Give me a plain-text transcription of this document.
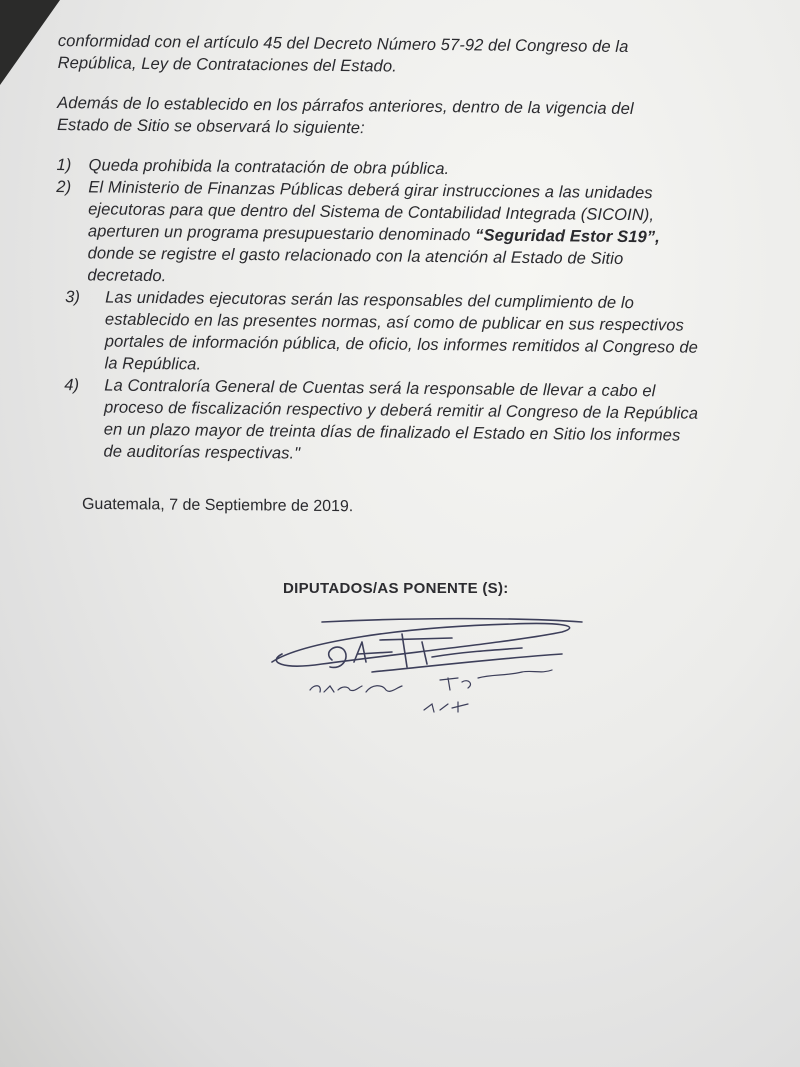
conformidad con el artículo 45 del Decreto Número 57-92 del Congreso de la
República, Ley de Contrataciones del Estado.

Además de lo establecido en los párrafos anteriores, dentro de la vigencia del
Estado de Sitio se observará lo siguiente:

1)	Queda prohibida la contratación de obra pública.
2)	El Ministerio de Finanzas Públicas deberá girar instrucciones a las unidades
ejecutoras para que dentro del Sistema de Contabilidad Integrada (SICOIN),
aperturen un programa presupuestario denominado “Seguridad Estor S19”,
donde se registre el gasto relacionado con la atención al Estado de Sitio
decretado.
3)	Las unidades ejecutoras serán las responsables del cumplimiento de lo
establecido en las presentes normas, así como de publicar en sus respectivos
portales de información pública, de oficio, los informes remitidos al Congreso de
la República.
4)	La Contraloría General de Cuentas será la responsable de llevar a cabo el
proceso de fiscalización respectivo y deberá remitir al Congreso de la República
en un plazo mayor de treinta días de finalizado el Estado en Sitio los informes
de auditorías respectivas."
Guatemala, 7 de Septiembre de 2019.
DIPUTADOS/AS PONENTE (S):
